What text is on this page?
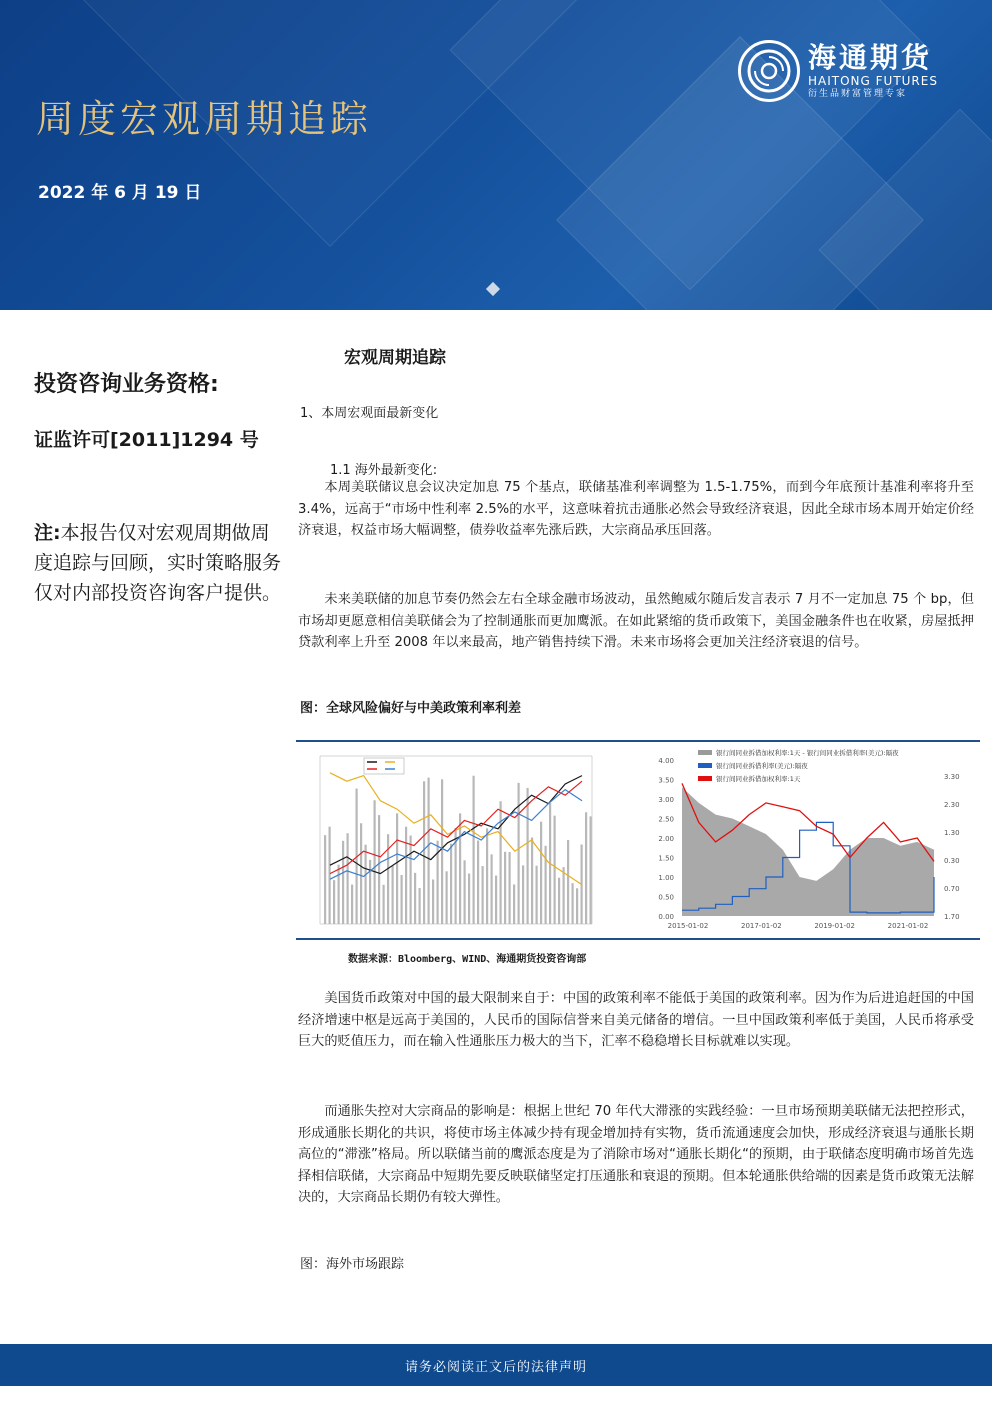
周度宏观周期追踪
2022 年 6 月 19 日
海通期货
HAITONG FUTURES
衍生品财富管理专家
投资咨询业务资格:
证监许可[2011]1294 号
注:本报告仅对宏观周期做周度追踪与回顾，实时策略服务仅对内部投资咨询客户提供。
宏观周期追踪
1、本周宏观面最新变化
1.1 海外最新变化:

本周美联储议息会议决定加息 75 个基点，联储基准利率调整为 1.5-1.75%，而到今年底预计基准利率将升至 3.4%，远高于“市场中性利率 2.5%的水平，这意味着抗击通胀必然会导致经济衰退，因此全球市场本周开始定价经济衰退，权益市场大幅调整，债券收益率先涨后跌，大宗商品承压回落。

未来美联储的加息节奏仍然会左右全球金融市场波动，虽然鲍威尔随后发言表示 7 月不一定加息 75 个 bp，但市场却更愿意相信美联储会为了控制通胀而更加鹰派。在如此紧缩的货币政策下，美国金融条件也在收紧，房屋抵押贷款利率上升至 2008 年以来最高，地产销售持续下滑。未来市场将会更加关注经济衰退的信号。

图：全球风险偏好与中美政策利率利差
0.00
0.50
1.00
1.50
2.00
2.50
3.00
3.50
4.00
1.70
0.70
0.30
1.30
2.30
3.30
2015-01-02	2017-01-02	2019-01-02	2021-01-02
银行间同业拆借加权利率:1天 - 银行间同业拆借利率(美元):隔夜
银行间同业拆借利率(美元):隔夜
银行间同业拆借加权利率:1天
数据来源：Bloomberg、WIND、海通期货投资咨询部

美国货币政策对中国的最大限制来自于：中国的政策利率不能低于美国的政策利率。因为作为后进追赶国的中国经济增速中枢是远高于美国的，人民币的国际信誉来自美元储备的增信。一旦中国政策利率低于美国，人民币将承受巨大的贬值压力，而在输入性通胀压力极大的当下，汇率不稳稳增长目标就难以实现。

而通胀失控对大宗商品的影响是：根据上世纪 70 年代大滞涨的实践经验：一旦市场预期美联储无法把控形式，形成通胀长期化的共识，将使市场主体减少持有现金增加持有实物，货币流通速度会加快，形成经济衰退与通胀长期高位的“滞涨”格局。所以联储当前的鹰派态度是为了消除市场对“通胀长期化“的预期，由于联储态度明确市场首先选择相信联储，大宗商品中短期先要反映联储坚定打压通胀和衰退的预期。但本轮通胀供给端的因素是货币政策无法解决的，大宗商品长期仍有较大弹性。

图：海外市场跟踪
请务必阅读正文后的法律声明
